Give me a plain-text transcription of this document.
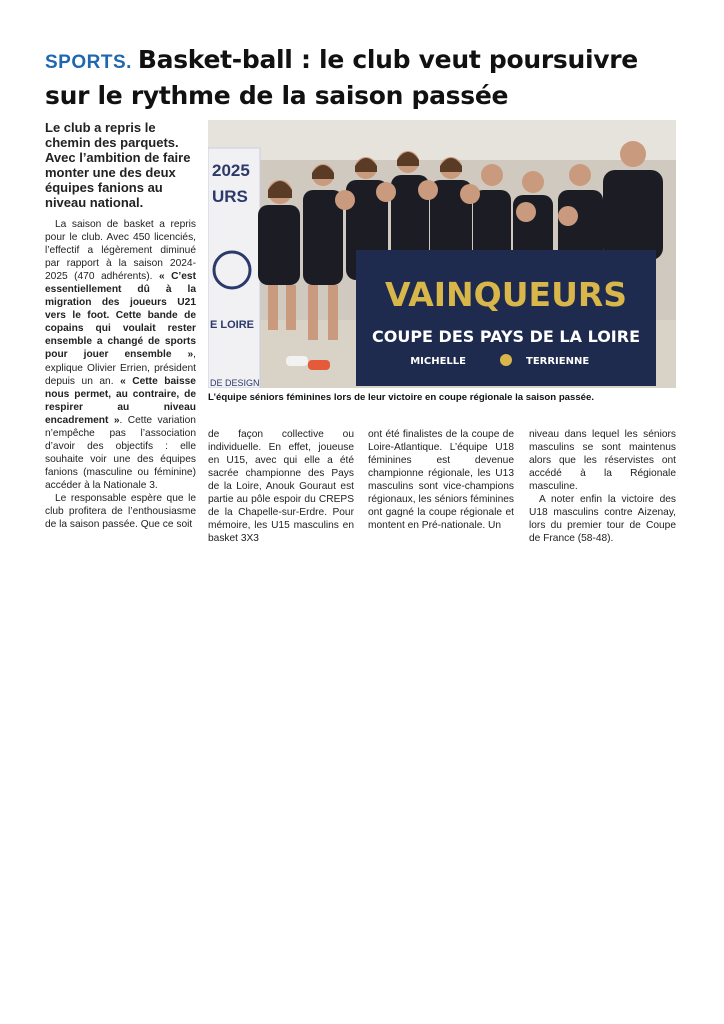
SPORTS. Basket-ball : le club veut poursuivre sur le rythme de la saison passée
Le club a repris le
chemin des parquets.
Avec l’ambition de faire
monter une des deux
équipes fanions au
niveau national.

La saison de basket a repris pour le club. Avec 450 licenciés, l’effectif a légèrement diminué par rapport à la saison 2024-2025 (470 adhérents). « C’est essentiellement dû à la migration des joueurs U21 vers le foot. Cette bande de copains qui voulait rester ensemble a changé de sports pour jouer ensemble », explique Olivier Errien, président depuis un an. « Cette baisse nous permet, au contraire, de respirer au niveau encadrement ». Cette variation n’empêche pas l’association d’avoir des objectifs : elle souhaite voir une des équipes fanions (masculine ou féminine) accéder à la Nationale 3.

Le responsable espère que le club profitera de l’enthousiasme de la saison passée. Que ce soit

2025
URS
E LOIRE
DE DESIGN
VAINQUEURS
COUPE DES PAYS DE LA LOIRE
MICHELLE	TERRIENNE
L’équipe séniors féminines lors de leur victoire en coupe régionale la saison passée.

de façon collective ou individuelle. En effet, joueuse en U15, avec qui elle a été sacrée championne des Pays de la Loire, Anouk Gouraut est partie au pôle espoir du CREPS de la Chapelle-sur-Erdre. Pour mémoire, les U15 masculins en basket 3X3

ont été finalistes de la coupe de Loire-Atlantique. L’équipe U18 féminines est devenue championne régionale, les U13 masculins sont vice-champions régionaux, les séniors féminines ont gagné la coupe régionale et montent en Pré-nationale. Un

niveau dans lequel les séniors masculins se sont maintenus alors que les réservistes ont accédé à la Régionale masculine.

A noter enfin la victoire des U18 masculins contre Aizenay, lors du premier tour de Coupe de France (58-48).
